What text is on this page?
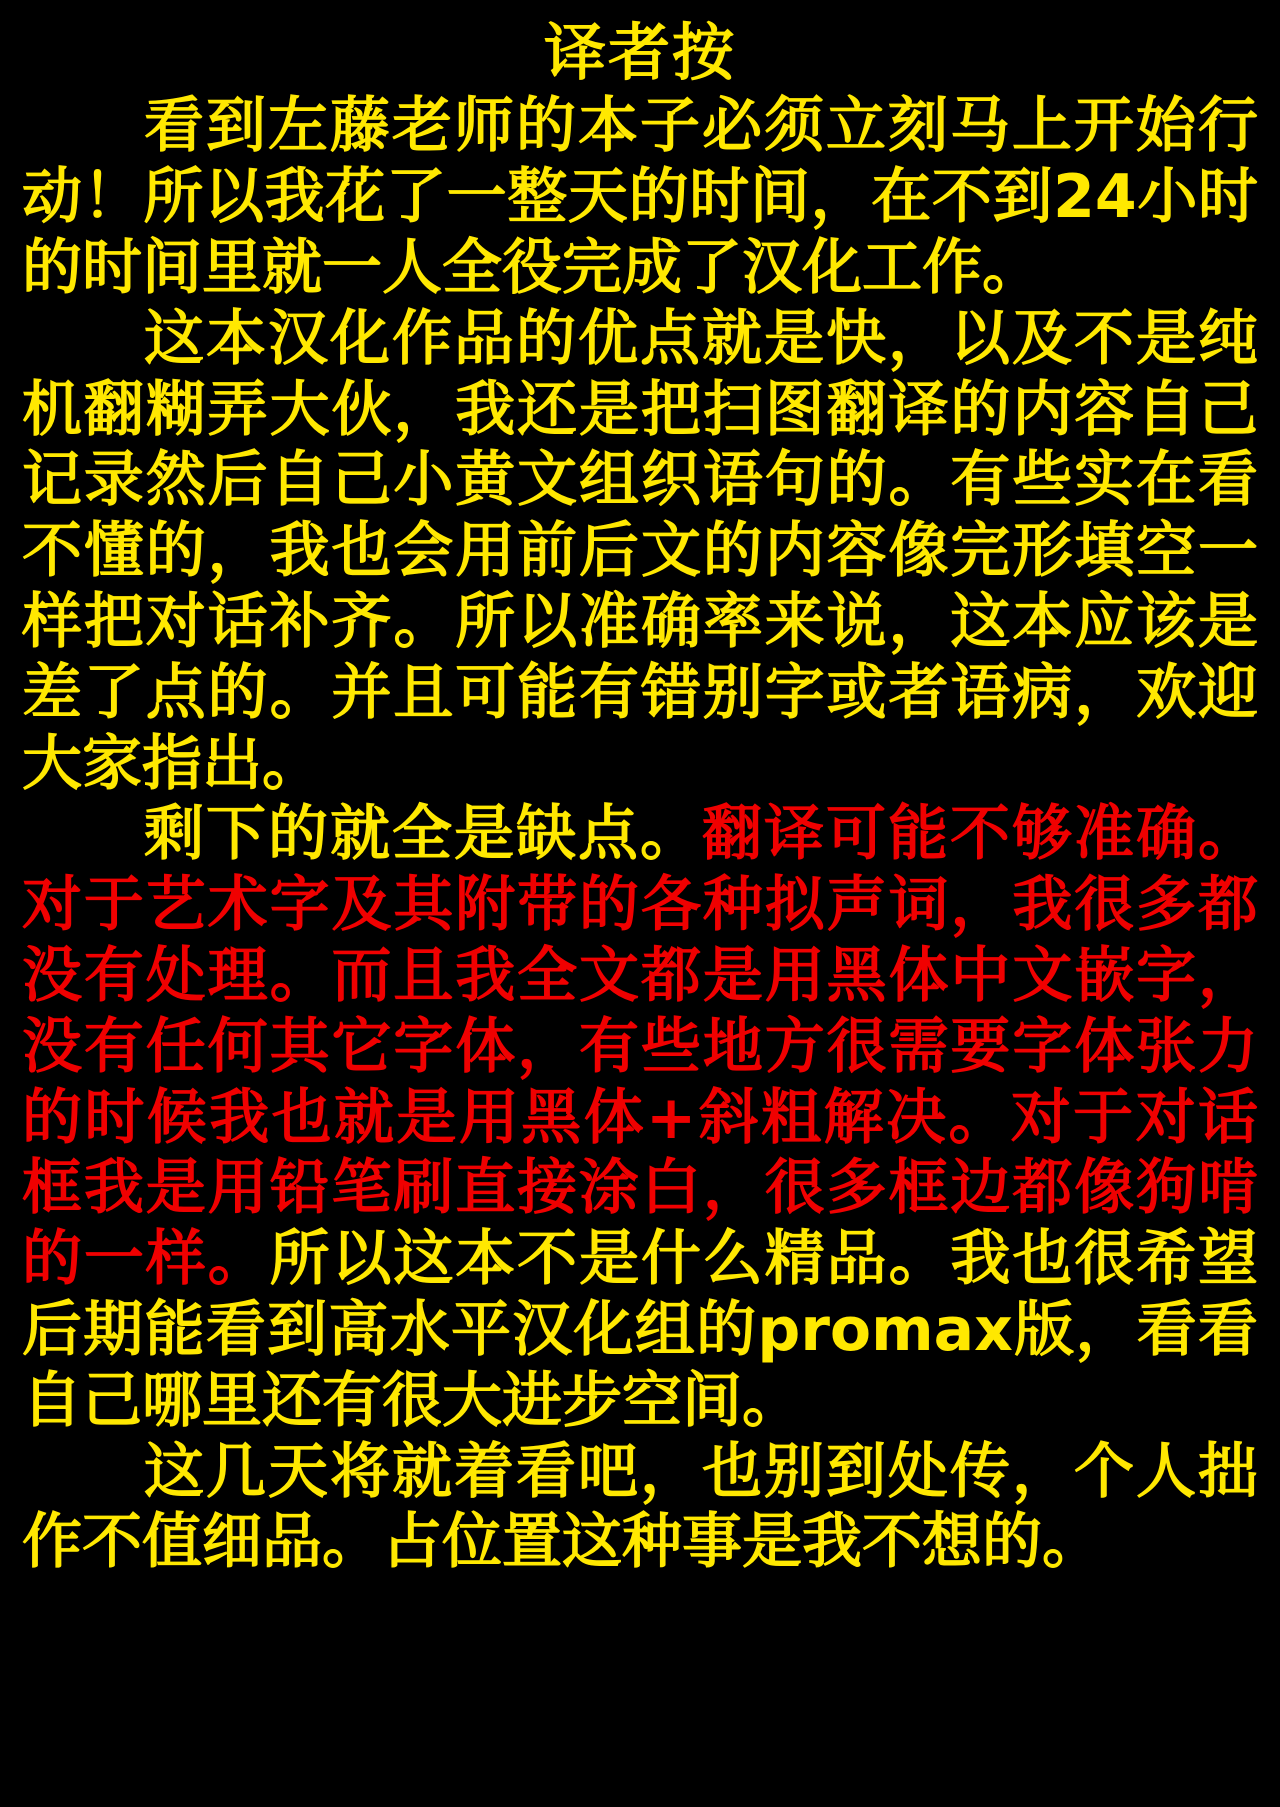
译者按

看到左藤老师的本子必须立刻马上开始行动！所以我花了一整天的时间，在不到24小时的时间里就一人全役完成了汉化工作。

这本汉化作品的优点就是快，以及不是纯机翻糊弄大伙，我还是把扫图翻译的内容自己记录然后自己小黄文组织语句的。有些实在看不懂的，我也会用前后文的内容像完形填空一样把对话补齐。所以准确率来说，这本应该是差了点的。并且可能有错别字或者语病，欢迎大家指出。

剩下的就全是缺点。翻译可能不够准确。对于艺术字及其附带的各种拟声词，我很多都没有处理。而且我全文都是用黑体中文嵌字，没有任何其它字体，有些地方很需要字体张力的时候我也就是用黑体+斜粗解决。对于对话框我是用铅笔刷直接涂白，很多框边都像狗啃的一样。所以这本不是什么精品。我也很希望后期能看到高水平汉化组的promax版，看看自己哪里还有很大进步空间。

这几天将就着看吧，也别到处传，个人拙作不值细品。占位置这种事是我不想的。
